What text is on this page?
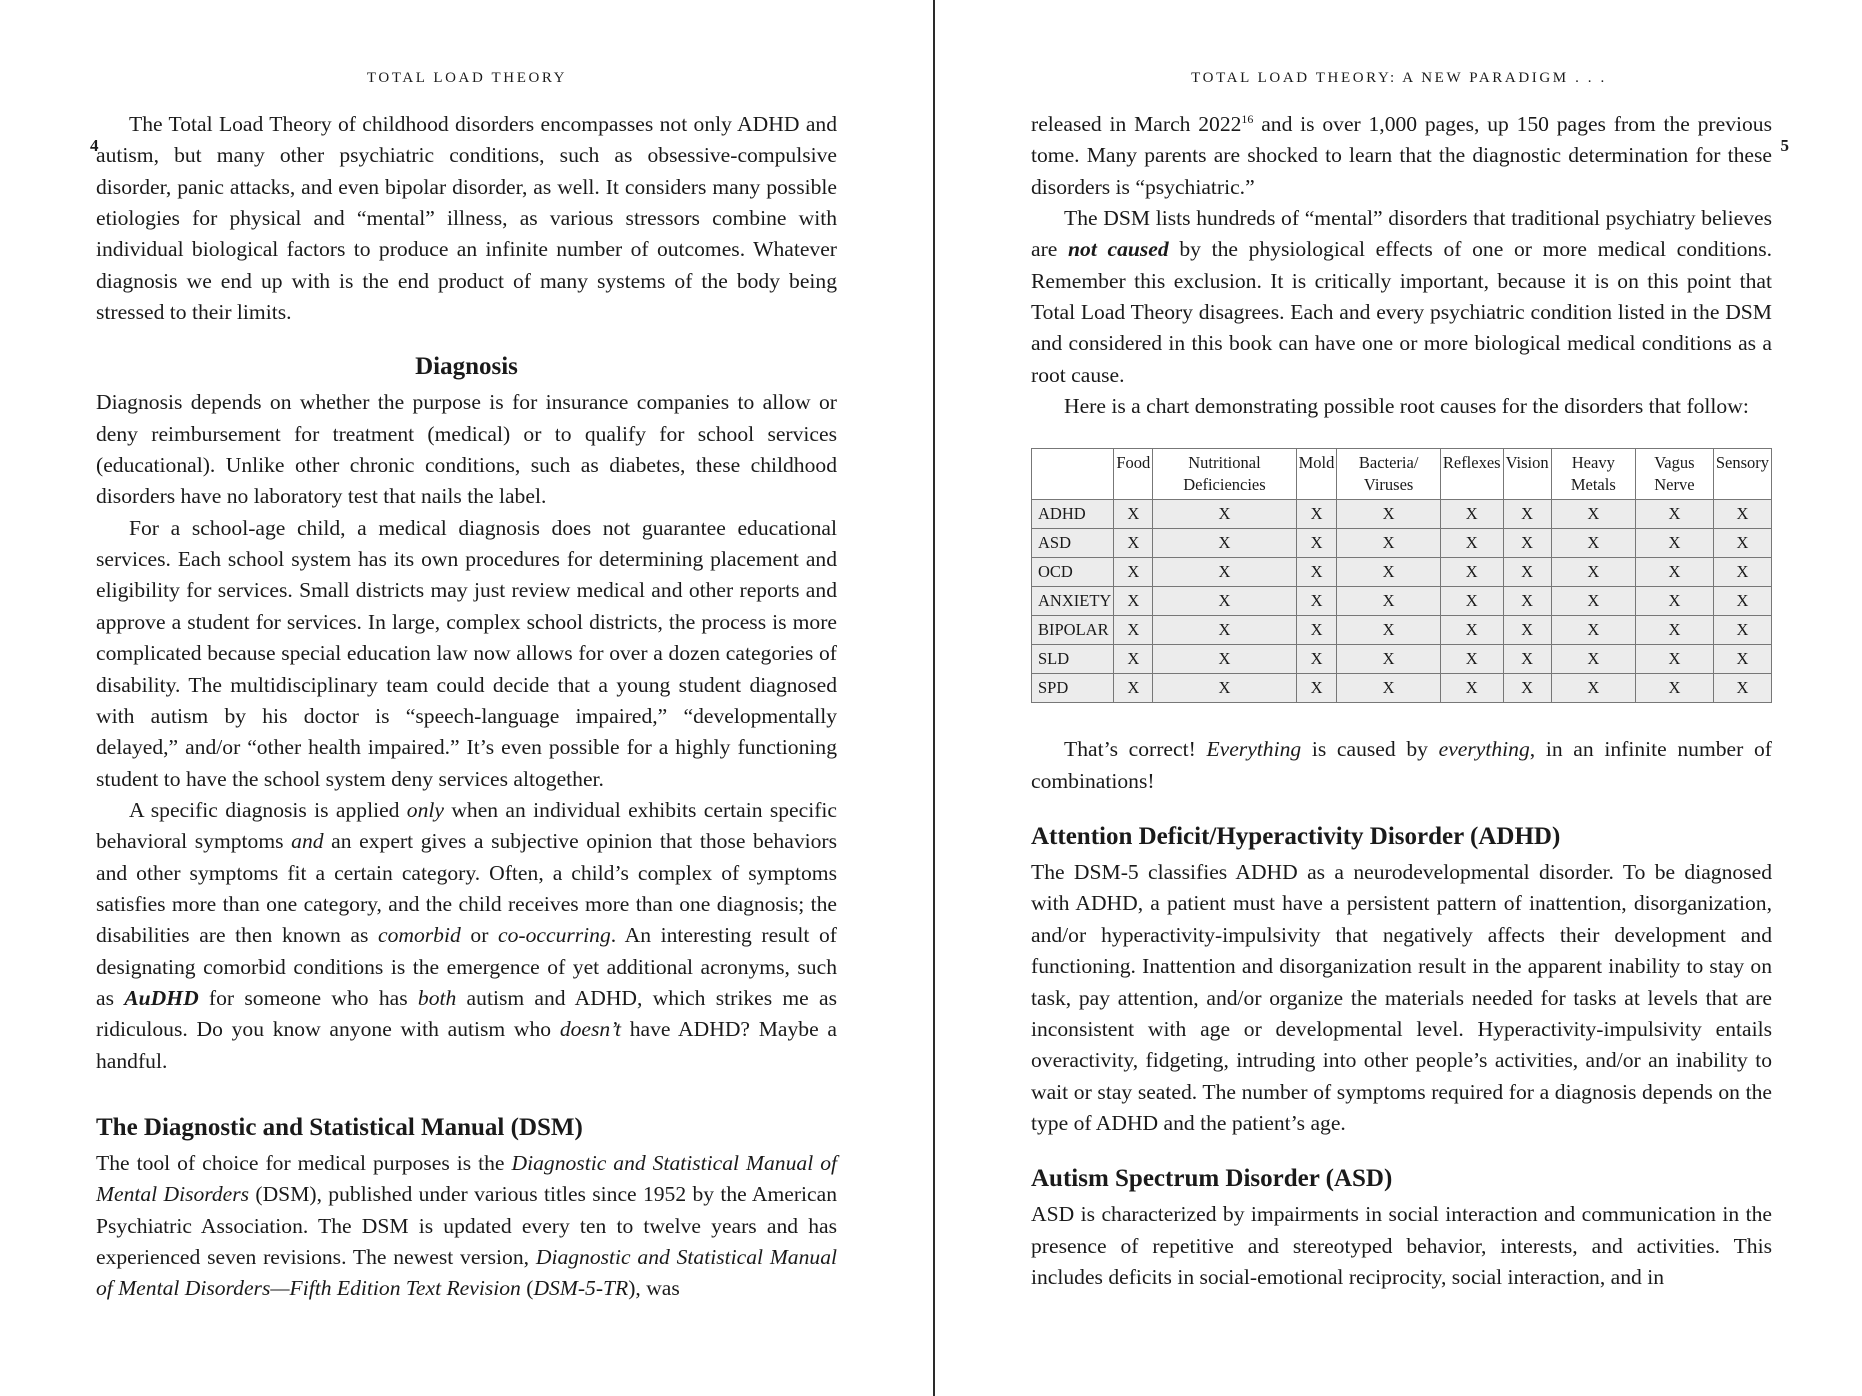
4
TOTAL LOAD THEORY

The Total Load Theory of childhood disorders encompasses not only ADHD and autism, but many other psychiatric conditions, such as obsessive-compulsive disorder, panic attacks, and even bipolar disorder, as well. It considers many possible etiologies for physical and “mental” illness, as various stressors combine with individual biological factors to produce an infinite number of outcomes. Whatever diagnosis we end up with is the end product of many systems of the body being stressed to their limits.

Diagnosis

Diagnosis depends on whether the purpose is for insurance companies to allow or deny reimbursement for treatment (medical) or to qualify for school services (educational). Unlike other chronic conditions, such as diabetes, these childhood disorders have no laboratory test that nails the label.

For a school-age child, a medical diagnosis does not guarantee educational services. Each school system has its own procedures for determining placement and eligibility for services. Small districts may just review medical and other reports and approve a student for services. In large, complex school districts, the process is more complicated because special education law now allows for over a dozen categories of disability. The multidisciplinary team could decide that a young student diagnosed with autism by his doctor is “speech-language impaired,” “developmentally delayed,” and/or “other health impaired.” It’s even possible for a highly functioning student to have the school system deny services altogether.

A specific diagnosis is applied only when an individual exhibits certain specific behavioral symptoms and an expert gives a subjective opinion that those behaviors and other symptoms fit a certain category. Often, a child’s complex of symptoms satisfies more than one category, and the child receives more than one diagnosis; the disabilities are then known as comorbid or co-occurring. An interesting result of designating comorbid conditions is the emergence of yet additional acronyms, such as AuDHD for someone who has both autism and ADHD, which strikes me as ridiculous. Do you know anyone with autism who doesn’t have ADHD? Maybe a handful.

The Diagnostic and Statistical Manual (DSM)

The tool of choice for medical purposes is the Diagnostic and Statistical Manual of Mental Disorders (DSM), published under various titles since 1952 by the American Psychiatric Association. The DSM is updated every ten to twelve years and has experienced seven revisions. The newest version, Diagnostic and Statistical Manual of Mental Disorders—Fifth Edition Text Revision (DSM-5-TR), was

TOTAL LOAD THEORY: A NEW PARADIGM . . .
5

released in March 2022$^{16}$ and is over 1,000 pages, up 150 pages from the previous tome. Many parents are shocked to learn that the diagnostic determination for these disorders is “psychiatric.”

The DSM lists hundreds of “mental” disorders that traditional psychiatry believes are not caused by the physiological effects of one or more medical conditions. Remember this exclusion. It is critically important, because it is on this point that Total Load Theory disagrees. Each and every psychiatric condition listed in the DSM and considered in this book can have one or more biological medical conditions as a root cause.

Here is a chart demonstrating possible root causes for the disorders that follow:

	Food	Nutritional Deficiencies	Mold	Bacteria/ Viruses	Reflexes	Vision	Heavy Metals	Vagus Nerve	Sensory
ADHD	X	X	X	X	X	X	X	X	X
ASD	X	X	X	X	X	X	X	X	X
OCD	X	X	X	X	X	X	X	X	X
ANXIETY	X	X	X	X	X	X	X	X	X
BIPOLAR	X	X	X	X	X	X	X	X	X
SLD	X	X	X	X	X	X	X	X	X
SPD	X	X	X	X	X	X	X	X	X

That’s correct! Everything is caused by everything, in an infinite number of combinations!

Attention Deficit/Hyperactivity Disorder (ADHD)

The DSM-5 classifies ADHD as a neurodevelopmental disorder. To be diagnosed with ADHD, a patient must have a persistent pattern of inattention, disorganization, and/or hyperactivity-impulsivity that negatively affects their development and functioning. Inattention and disorganization result in the apparent inability to stay on task, pay attention, and/or organize the materials needed for tasks at levels that are inconsistent with age or developmental level. Hyperactivity-impulsivity entails overactivity, fidgeting, intruding into other people’s activities, and/or an inability to wait or stay seated. The number of symptoms required for a diagnosis depends on the type of ADHD and the patient’s age.

Autism Spectrum Disorder (ASD)

ASD is characterized by impairments in social interaction and communication in the presence of repetitive and stereotyped behavior, interests, and activities. This includes deficits in social-emotional reciprocity, social interaction, and in
